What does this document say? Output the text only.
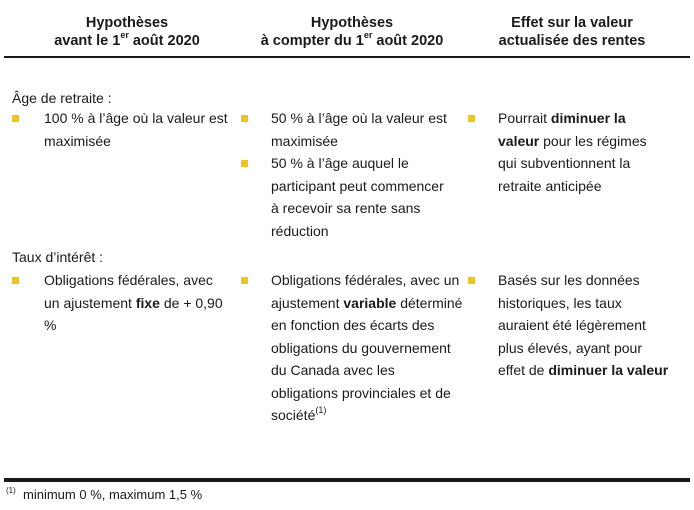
Hypothèses
avant le 1er août 2020
Hypothèses
à compter du 1er août 2020
Effet sur la valeur
actualisée des rentes
Âge de retraite :
100 % à l’âge où la valeur est maximisée
50 % à l’âge où la valeur est maximisée
50 % à l’âge auquel le participant peut commencer à recevoir sa rente sans réduction
Pourrait diminuer la valeur pour les régimes qui subventionnent la retraite anticipée
Taux d’intérêt :
Obligations fédérales, avec un ajustement fixe de + 0,90 %
Obligations fédérales, avec un ajustement variable déterminé en fonction des écarts des obligations du gouvernement du Canada avec les obligations provinciales et de société$^{(1)}$
Basés sur les données historiques, les taux auraient été légèrement plus élevés, ayant pour effet de diminuer la valeur
$^{(1)}$ minimum 0 %, maximum 1,5 %
